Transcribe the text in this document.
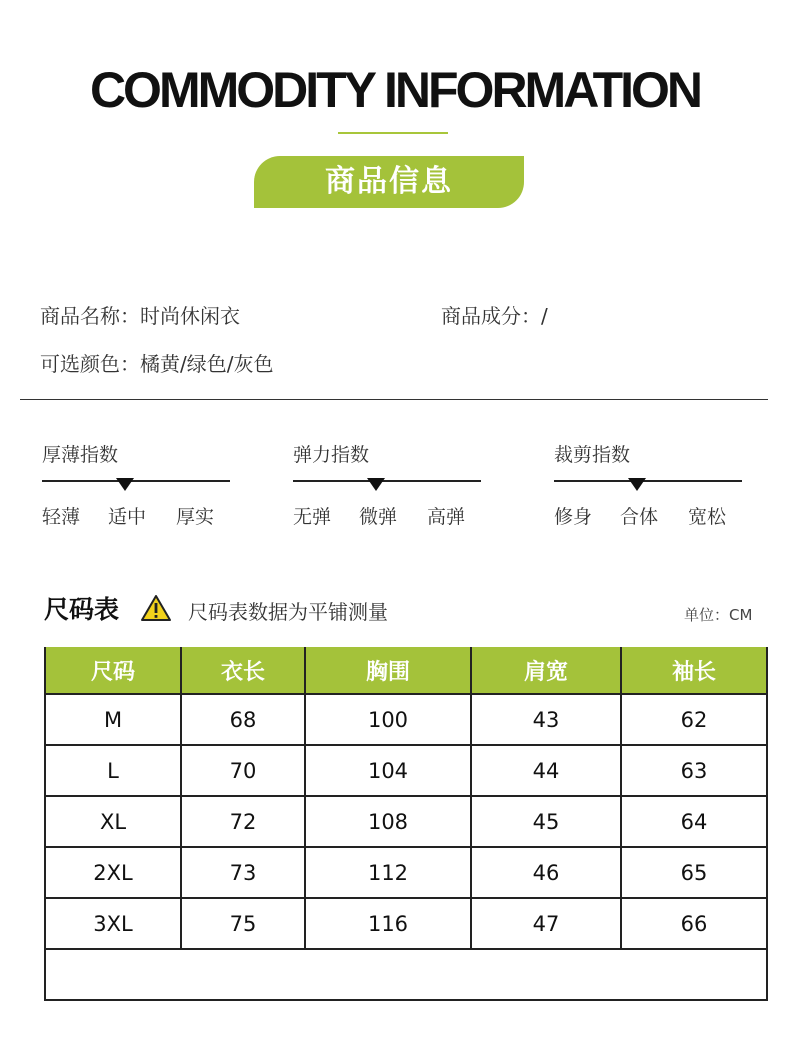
COMMODITY INFORMATION
商品信息
商品名称：时尚休闲衣	商品成分：/
可选颜色：橘黄/绿色/灰色
厚薄指数
轻薄 适中 厚实
弹力指数
无弹 微弹 高弹
裁剪指数
修身 合体 宽松
尺码表	尺码表数据为平铺测量	单位：CM
尺码	衣长	胸围	肩宽	袖长
M	68	100	43	62
L	70	104	44	63
XL	72	108	45	64
2XL	73	112	46	65
3XL	75	116	47	66
